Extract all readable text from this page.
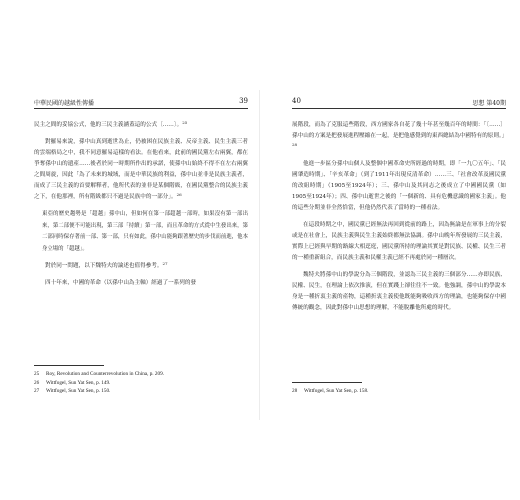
中華民國的越級性傳播	39

民主之間的妥協公式，他的三民主義涵蓋這的公式〔……〕。$^{25}$

對羅易來說，孫中山真到逝世為止，仍被困在民族主義、反帝主義、民生主義三者的雲端格局之中，我不同意羅易這樣的看法。在他看來，此前的國民黨左右兩翼，都在爭奪孫中山的遺產……後者於同一時期所作出的承諾，使孫中山始終不得不在左右兩翼之間周旋，因此「為了未來的城域，而是中華民族的利益，孫中山並非是民族主義者，而成了三民主義的首要解釋者，他所代表的並非是某個階級，在國民黨整合的民族主義之下，在他那裡，所有階級都只不過是民族中的一部分」。$^{26}$

東亞的歷史趨勢是「超越」孫中山，但如何在第一部超越一部時，如果沒有第一部出來，第二部便不可能出現，第三部「持續」第一部，而且革命的方式從中生發出來，第二部同時保存著前一部、第一部，只有如此，孫中山能夠跟著歷史的步伐而前進，他本身立場的「超越」。

對於同一問題，以下魏特夫的論述也值得參考。$^{27}$

四十年來，中國的革命（以孫中山為主軸）經過了一系列的發

25	Roy, Revolution and Counterrevolution in China, p. 209.
26	Wittfogel, Sun Yat Sen, p. 149.
27	Wittfogel, Sun Yat Sen, p. 150.
40	思想 第40期

展階段，而為了克服這些階段，西方國家各自花了幾十年甚至幾百年的時間：「〔……〕孫中山的方案是把發展進程壓縮在一起，是把他感覺到的東西總結為中國特有的原則。」$^{28}$

他進一步區分孫中山個人及整個中國革命史所經過的時期，即「一九〇五年」、「民國肇造時期」、「辛亥革命」（到了1911年出現反清革命）……三、「社會改革及國民黨的改組時期」（1905至1924年）；三、孫中山及其同志之後成立了中國國民黨（如1905至1924年）；四、孫中山逝世之後的「一個新的、具有危機意識的國家主義」。他的這些分期並非全然恰當，但他仍然代表了當時的一種看法。

在這段時期之中，國民黨已經無法再回到從前的路上，因為無論是在軍事上的分裂或是在社會上，民族主義與民生主義始終都無法協調。孫中山晚年所發展的三民主義，實際上已經與早期的路線大相逕庭，國民黨所持的理論其實是對民族、民權、民生三者的一種重新組合，而民族主義和民權主義已經不再處於同一種層次。

魏特夫將孫中山的學說分為三個階段，並認為三民主義的三個部分……亦即民族、民權、民生，在理論上依次推演，但在實踐上卻往往不一致。他強調，孫中山的學說本身是一種折衷主義的產物，這種折衷主義使他既能夠吸收西方的理論，也能夠保存中國傳統的觀念，因此對孫中山思想的理解，不能脫離他所處的時代。

28	Wittfogel, Sun Yat Sen, p. 158.
